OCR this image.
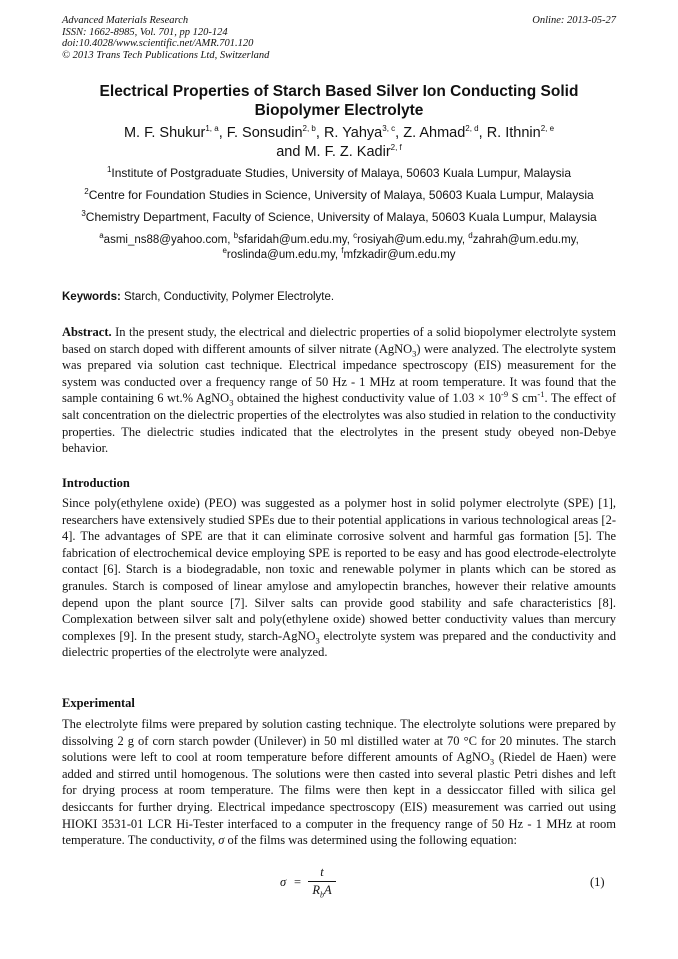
Advanced Materials Research
ISSN: 1662-8985, Vol. 701, pp 120-124
doi:10.4028/www.scientific.net/AMR.701.120
© 2013 Trans Tech Publications Ltd, Switzerland
Online: 2013-05-27
Electrical Properties of Starch Based Silver Ion Conducting Solid
Biopolymer Electrolyte
M. F. Shukur$^{1, a}$, F. Sonsudin$^{2, b}$, R. Yahya$^{3, c}$, Z. Ahmad$^{2, d}$, R. Ithnin$^{2, e}$
and M. F. Z. Kadir$^{2, f}$
$^1$Institute of Postgraduate Studies, University of Malaya, 50603 Kuala Lumpur, Malaysia
$^2$Centre for Foundation Studies in Science, University of Malaya, 50603 Kuala Lumpur, Malaysia
$^3$Chemistry Department, Faculty of Science, University of Malaya, 50603 Kuala Lumpur, Malaysia
$^a$asmi_ns88@yahoo.com, $^b$sfaridah@um.edu.my, $^c$rosiyah@um.edu.my, $^d$zahrah@um.edu.my,
$^e$roslinda@um.edu.my, $^f$mfzkadir@um.edu.my
Keywords: Starch, Conductivity, Polymer Electrolyte.
Abstract. In the present study, the electrical and dielectric properties of a solid biopolymer electrolyte system based on starch doped with different amounts of silver nitrate (AgNO$_3$) were analyzed. The electrolyte system was prepared via solution cast technique. Electrical impedance spectroscopy (EIS) measurement for the system was conducted over a frequency range of 50 Hz - 1 MHz at room temperature. It was found that the sample containing 6 wt.% AgNO$_3$ obtained the highest conductivity value of $1.03 \times 10^{-9}$ S $cm^{-1}$. The effect of salt concentration on the dielectric properties of the electrolytes was also studied in relation to the conductivity properties. The dielectric studies indicated that the electrolytes in the present study obeyed non-Debye behavior.
Introduction
Since poly(ethylene oxide) (PEO) was suggested as a polymer host in solid polymer electrolyte (SPE) [1], researchers have extensively studied SPEs due to their potential applications in various technological areas [2-4]. The advantages of SPE are that it can eliminate corrosive solvent and harmful gas formation [5]. The fabrication of electrochemical device employing SPE is reported to be easy and has good electrode-electrolyte contact [6]. Starch is a biodegradable, non toxic and renewable polymer in plants which can be stored as granules. Starch is composed of linear amylose and amylopectin branches, however their relative amounts depend upon the plant source [7]. Silver salts can provide good stability and safe characteristics [8]. Complexation between silver salt and poly(ethylene oxide) showed better conductivity values than mercury complexes [9]. In the present study, starch-AgNO$_3$ electrolyte system was prepared and the conductivity and dielectric properties of the electrolyte were analyzed.
Experimental
The electrolyte films were prepared by solution casting technique. The electrolyte solutions were prepared by dissolving 2 g of corn starch powder (Unilever) in 50 ml distilled water at 70 °C for 20 minutes. The starch solutions were left to cool at room temperature before different amounts of AgNO$_3$ (Riedel de Haen) were added and stirred until homogenous. The solutions were then casted into several plastic Petri dishes and left for drying process at room temperature. The films were then kept in a dessiccator filled with silica gel desiccants for further drying. Electrical impedance spectroscopy (EIS) measurement was carried out using HIOKI 3531-01 LCR Hi-Tester interfaced to a computer in the frequency range of 50 Hz - 1 MHz at room temperature. The conductivity, σ of the films was determined using the following equation:
σ =
t
$R_bA$
(1)
